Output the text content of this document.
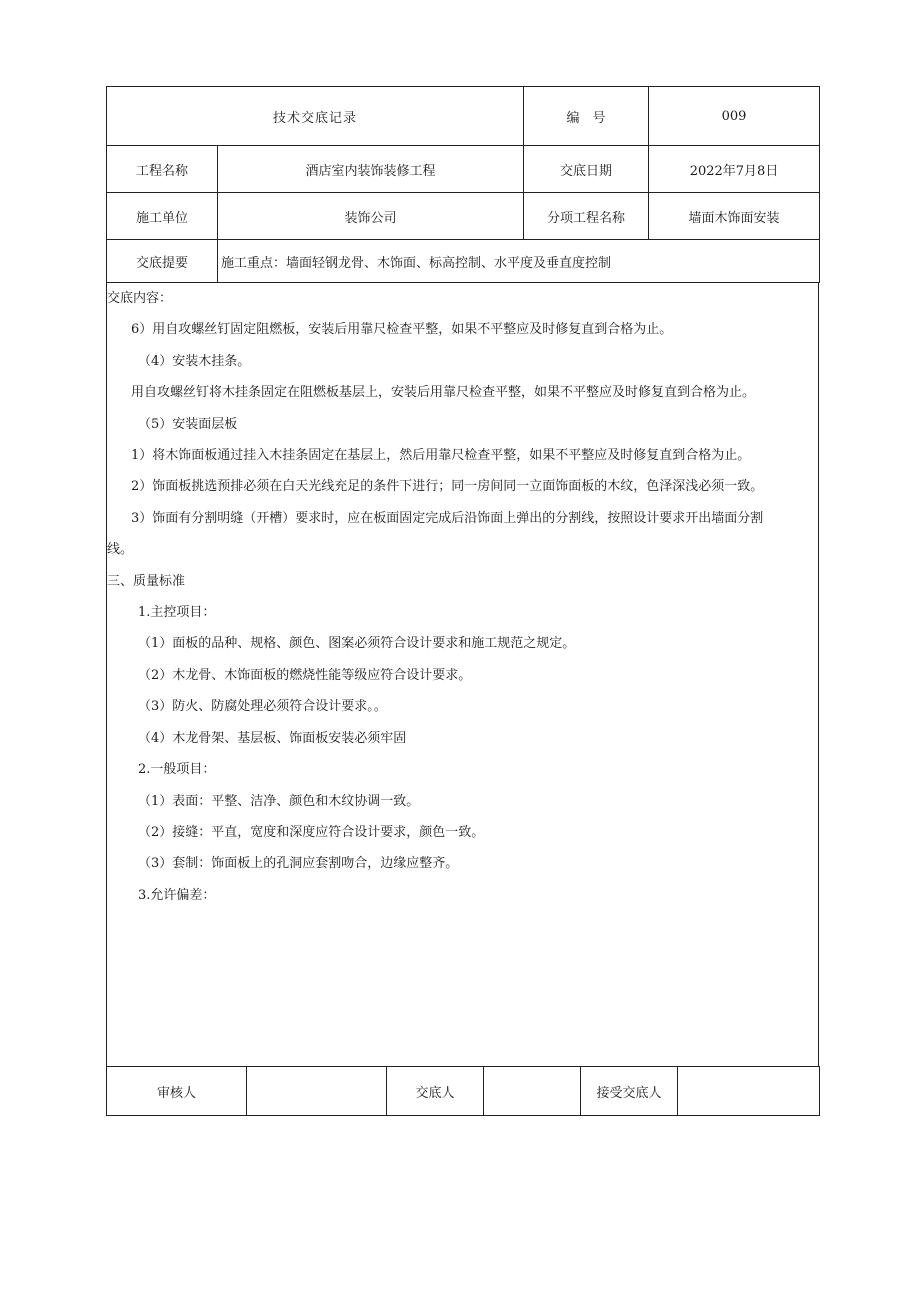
技术交底记录		编　号	009
工程名称	酒店室内装饰装修工程	交底日期	2022年7月8日
施工单位	装饰公司	分项工程名称	墙面木饰面安装
交底提要	施工重点：墙面轻钢龙骨、木饰面、标高控制、水平度及垂直度控制		

交底内容：

6）用自攻螺丝钉固定阻燃板，安装后用靠尺检查平整，如果不平整应及时修复直到合格为止。

（4）安装木挂条。

用自攻螺丝钉将木挂条固定在阻燃板基层上，安装后用靠尺检查平整，如果不平整应及时修复直到合格为止。

（5）安装面层板

1）将木饰面板通过挂入木挂条固定在基层上，然后用靠尺检查平整，如果不平整应及时修复直到合格为止。

2）饰面板挑选预排必须在白天光线充足的条件下进行；同一房间同一立面饰面板的木纹，色泽深浅必须一致。

3）饰面有分割明缝（开槽）要求时，应在板面固定完成后沿饰面上弹出的分割线，按照设计要求开出墙面分割

线。

三、质量标准

1.主控项目：

（1）面板的品种、规格、颜色、图案必须符合设计要求和施工规范之规定。

（2）木龙骨、木饰面板的燃烧性能等级应符合设计要求。

（3）防火、防腐处理必须符合设计要求。。

（4）木龙骨架、基层板、饰面板安装必须牢固

2.一般项目：

（1）表面：平整、洁净、颜色和木纹协调一致。

（2）接缝：平直，宽度和深度应符合设计要求，颜色一致。

（3）套制：饰面板上的孔洞应套割吻合，边缘应整齐。

3.允许偏差：

审核人		交底人		接受交底人	
